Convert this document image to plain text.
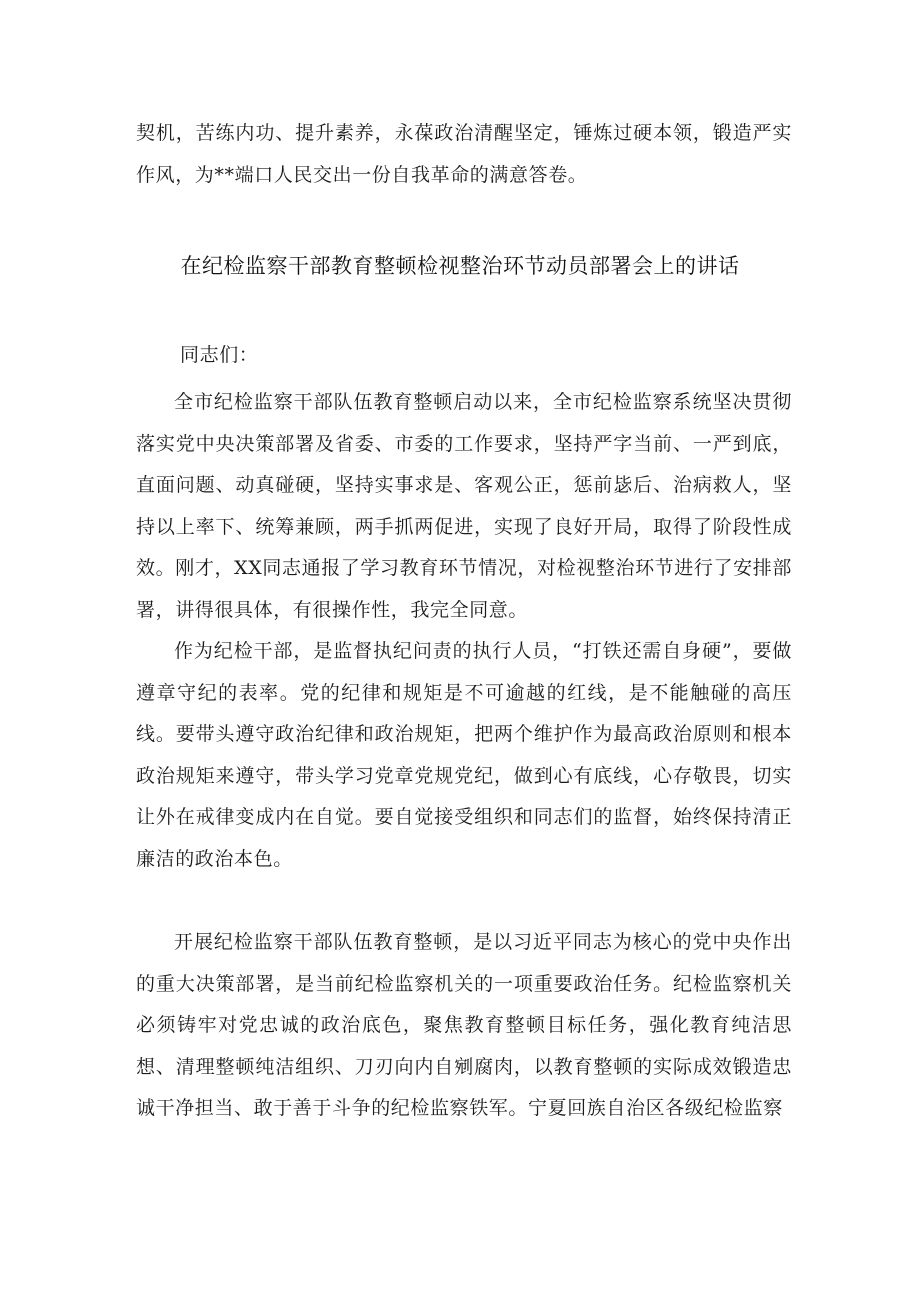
契机，苦练内功、提升素养，永葆政治清醒坚定，锤炼过硬本领，锻造严实作风，为**端口人民交出一份自我革命的满意答卷。

在纪检监察干部教育整顿检视整治环节动员部署会上的讲话
同志们：

全市纪检监察干部队伍教育整顿启动以来，全市纪检监察系统坚决贯彻落实党中央决策部署及省委、市委的工作要求，坚持严字当前、一严到底，直面问题、动真碰硬，坚持实事求是、客观公正，惩前毖后、治病救人，坚持以上率下、统筹兼顾，两手抓两促进，实现了良好开局，取得了阶段性成效。刚才，XX同志通报了学习教育环节情况，对检视整治环节进行了安排部署，讲得很具体，有很操作性，我完全同意。

作为纪检干部，是监督执纪问责的执行人员，“打铁还需自身硬”，要做遵章守纪的表率。党的纪律和规矩是不可逾越的红线，是不能触碰的高压线。要带头遵守政治纪律和政治规矩，把两个维护作为最高政治原则和根本政治规矩来遵守，带头学习党章党规党纪，做到心有底线，心存敬畏，切实让外在戒律变成内在自觉。要自觉接受组织和同志们的监督，始终保持清正廉洁的政治本色。

开展纪检监察干部队伍教育整顿，是以习近平同志为核心的党中央作出的重大决策部署，是当前纪检监察机关的一项重要政治任务。纪检监察机关必须铸牢对党忠诚的政治底色，聚焦教育整顿目标任务，强化教育纯洁思想、清理整顿纯洁组织、刀刃向内自剜腐肉，以教育整顿的实际成效锻造忠诚干净担当、敢于善于斗争的纪检监察铁军。宁夏回族自治区各级纪检监察
